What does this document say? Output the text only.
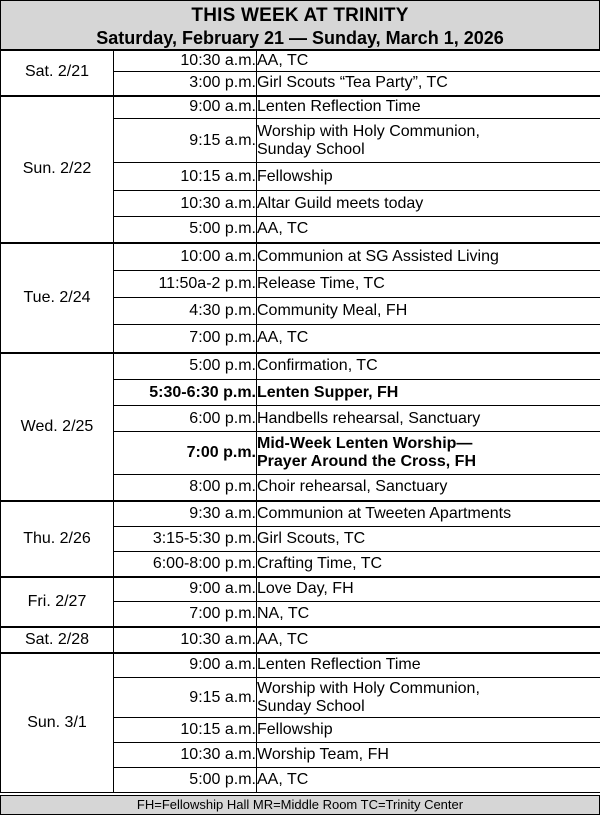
THIS WEEK AT TRINITY
Saturday, February 21 — Sunday, March 1, 2026
Sat. 2/21	10:30 a.m.	AA, TC
	3:00 p.m.	Girl Scouts “Tea Party”, TC
Sun. 2/22	9:00 a.m.	Lenten Reflection Time
	9:15 a.m.	Worship with Holy Communion,
Sunday School
	10:15 a.m.	Fellowship
	10:30 a.m.	Altar Guild meets today
	5:00 p.m.	AA, TC
Tue. 2/24	10:00 a.m.	Communion at SG Assisted Living
	11:50a-2 p.m.	Release Time, TC
	4:30 p.m.	Community Meal, FH
	7:00 p.m.	AA, TC
Wed. 2/25	5:00 p.m.	Confirmation, TC
	5:30-6:30 p.m.	Lenten Supper, FH
	6:00 p.m.	Handbells rehearsal, Sanctuary
	7:00 p.m.	Mid-Week Lenten Worship—
Prayer Around the Cross, FH
	8:00 p.m.	Choir rehearsal, Sanctuary
Thu. 2/26	9:30 a.m.	Communion at Tweeten Apartments
	3:15-5:30 p.m.	Girl Scouts, TC
	6:00-8:00 p.m.	Crafting Time, TC
Fri. 2/27	9:00 a.m.	Love Day, FH
	7:00 p.m.	NA, TC
Sat. 2/28	10:30 a.m.	AA, TC
Sun. 3/1	9:00 a.m.	Lenten Reflection Time
	9:15 a.m.	Worship with Holy Communion,
Sunday School
	10:15 a.m.	Fellowship
	10:30 a.m.	Worship Team, FH
	5:00 p.m.	AA, TC
FH=Fellowship Hall MR=Middle Room TC=Trinity Center
